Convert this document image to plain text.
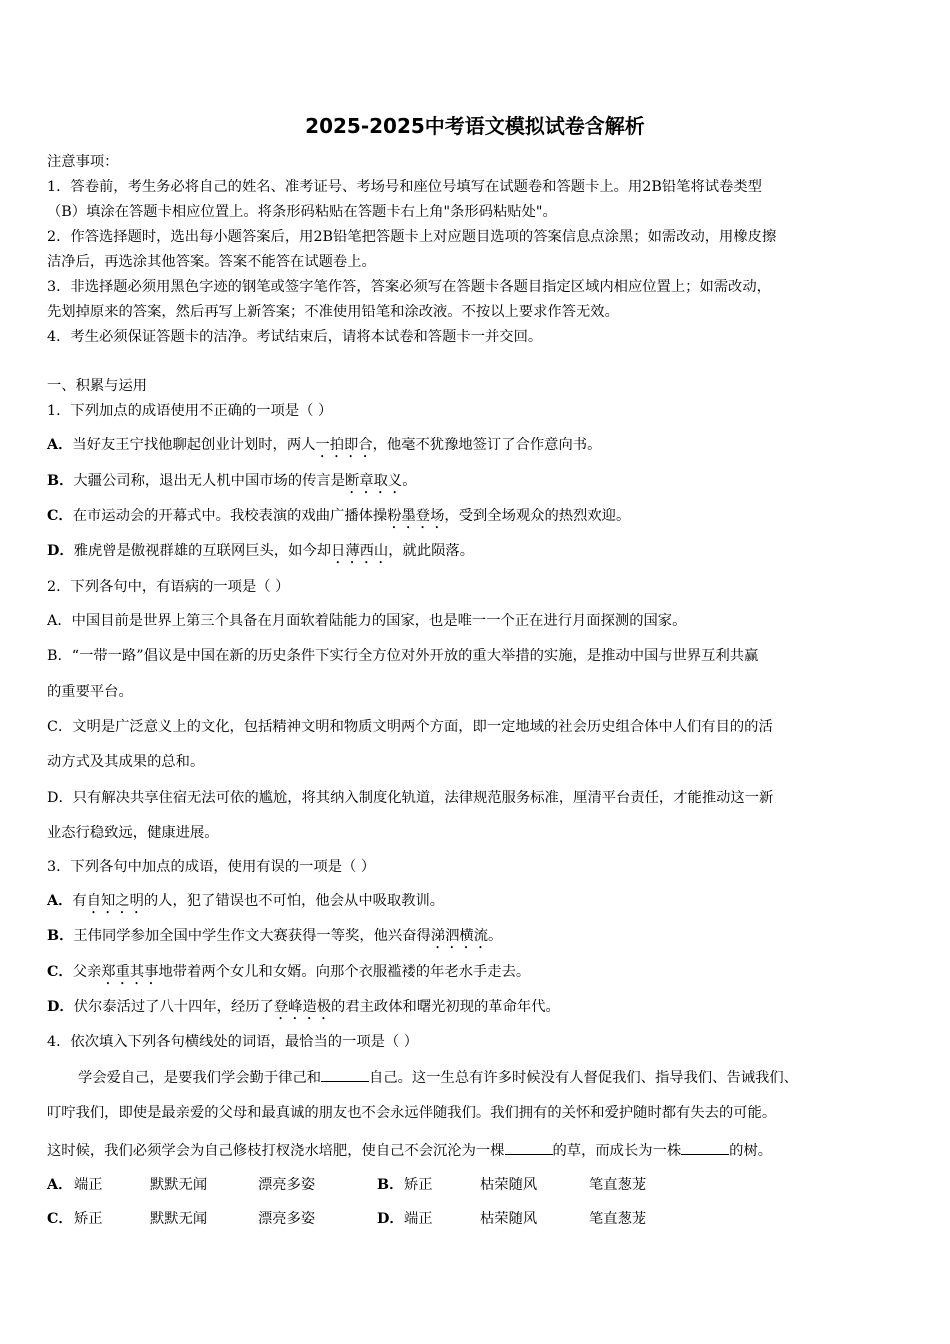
2025-2025中考语文模拟试卷含解析
注意事项：
1．答卷前，考生务必将自己的姓名、准考证号、考场号和座位号填写在试题卷和答题卡上。用2B铅笔将试卷类型
（B）填涂在答题卡相应位置上。将条形码粘贴在答题卡右上角"条形码粘贴处"。
2．作答选择题时，选出每小题答案后，用2B铅笔把答题卡上对应题目选项的答案信息点涂黑；如需改动，用橡皮擦
洁净后，再选涂其他答案。答案不能答在试题卷上。
3．非选择题必须用黑色字迹的钢笔或签字笔作答，答案必须写在答题卡各题目指定区域内相应位置上；如需改动，
先划掉原来的答案，然后再写上新答案；不准使用铅笔和涂改液。不按以上要求作答无效。
4．考生必须保证答题卡的洁净。考试结束后，请将本试卷和答题卡一并交回。
一、积累与运用
1．下列加点的成语使用不正确的一项是（ ）
A．当好友王宁找他聊起创业计划时，两人一拍即合，他毫不犹豫地签订了合作意向书。
B．大疆公司称，退出无人机中国市场的传言是断章取义。
C．在市运动会的开幕式中。我校表演的戏曲广播体操粉墨登场，受到全场观众的热烈欢迎。
D．雅虎曾是傲视群雄的互联网巨头，如今却日薄西山，就此陨落。
2．下列各句中，有语病的一项是（ ）
A．中国目前是世界上第三个具备在月面软着陆能力的国家，也是唯一一个正在进行月面探测的国家。
B．“一带一路”倡议是中国在新的历史条件下实行全方位对外开放的重大举措的实施，是推动中国与世界互利共赢
的重要平台。
C．文明是广泛意义上的文化，包括精神文明和物质文明两个方面，即一定地域的社会历史组合体中人们有目的的活
动方式及其成果的总和。
D．只有解决共享住宿无法可依的尴尬，将其纳入制度化轨道，法律规范服务标准，厘清平台责任，才能推动这一新
业态行稳致远，健康进展。
3．下列各句中加点的成语，使用有误的一项是（ ）
A．有自知之明的人，犯了错误也不可怕，他会从中吸取教训。
B．王伟同学参加全国中学生作文大赛获得一等奖，他兴奋得涕泗横流。
C．父亲郑重其事地带着两个女儿和女婿。向那个衣服褴褛的年老水手走去。
D．伏尔泰活过了八十四年，经历了登峰造极的君主政体和曙光初现的革命年代。
4．依次填入下列各句横线处的词语，最恰当的一项是（ ）
学会爱自己，是要我们学会勤于律己和	自己。这一生总有许多时候没有人督促我们、指导我们、告诫我们、
叮咛我们，即使是最亲爱的父母和最真诚的朋友也不会永远伴随我们。我们拥有的关怀和爱护随时都有失去的可能。
这时候，我们必须学会为自己修枝打杈浇水培肥，使自己不会沉沦为一棵	的草，而成长为一株	的树。
A． 端正	默默无闻	漂亮多姿	B． 矫正	枯荣随风	笔直葱茏
C． 矫正	默默无闻	漂亮多姿	D． 端正	枯荣随风	笔直葱茏
